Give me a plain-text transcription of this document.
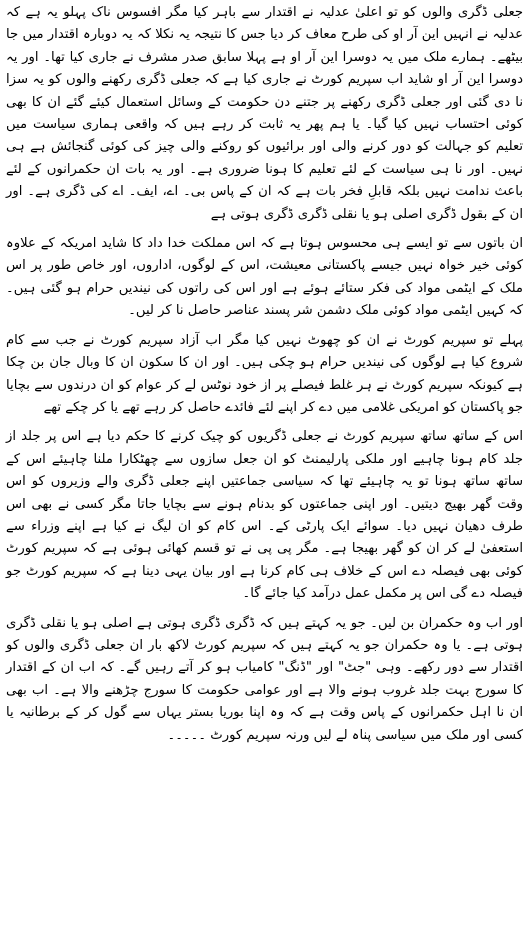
جعلی ڈگری والوں کو تو اعلیٰ عدلیہ نے اقتدار سے باہر کیا مگر افسوس ناک پہلو یہ ہے کہ عدلیہ نے انہیں این آر او کی طرح معاف کر دیا جس کا نتیجہ یہ نکلا کہ یہ دوبارہ اقتدار میں جا بیٹھے۔ ہمارے ملک میں یہ دوسرا این آر او ہے پہلا سابق صدر مشرف نے جاری کیا تھا۔ اور یہ دوسرا این آر او شاید اب سپریم کورٹ نے جاری کیا ہے کہ جعلی ڈگری رکھنے والوں کو یہ سزا نا دی گئی اور جعلی ڈگری رکھنے پر جتنے دن حکومت کے وسائل استعمال کیئے گئے ان کا بھی کوئی احتساب نہیں کیا گیا۔ یا ہم پھر یہ ثابت کر رہے ہیں کہ واقعی ہماری سیاست میں تعلیم کو جہالت کو دور کرنے والی اور برائیوں کو روکنے والی چیز کی کوئی گنجائش ہے ہی نہیں۔ اور نا ہی سیاست کے لئے تعلیم کا ہونا ضروری ہے۔ اور یہ بات ان حکمرانوں کے لئے باعث ندامت نہیں بلکہ قابلِ فخر بات ہے کہ ان کے پاس بی۔ اے، ایف۔ اے کی ڈگری ہے۔ اور ان کے بقول ڈگری اصلی ہو یا نقلی ڈگری ڈگری ہوتی ہے

ان باتوں سے تو ایسے ہی محسوس ہوتا ہے کہ اس مملکت خدا داد کا شاید امریکہ کے علاوہ کوئی خیر خواہ نہیں جیسے پاکستانی معیشت، اس کے لوگوں، اداروں، اور خاص طور پر اس ملک کے ایٹمی مواد کی فکر ستائے ہوئے ہے اور اس کی راتوں کی نیندیں حرام ہو گئی ہیں۔ کہ کہیں ایٹمی مواد کوئی ملک دشمن شر پسند عناصر حاصل نا کر لیں۔

پہلے تو سپریم کورٹ نے ان کو چھوٹ نہیں کیا مگر اب آزاد سپریم کورٹ نے جب سے کام شروع کیا ہے لوگوں کی نیندیں حرام ہو چکی ہیں۔ اور ان کا سکون ان کا وبال جان بن چکا ہے کیونکہ سپریم کورٹ نے ہر غلط فیصلے پر از خود نوٹس لے کر عوام کو ان درندوں سے بچایا جو پاکستان کو امریکی غلامی میں دے کر اپنے لئے فائدے حاصل کر رہے تھے یا کر چکے تھے

اس کے ساتھ ساتھ سپریم کورٹ نے جعلی ڈگریوں کو چیک کرنے کا حکم دیا ہے اس پر جلد از جلد کام ہونا چاہیے اور ملکی پارلیمنٹ کو ان جعل سازوں سے چھٹکارا ملنا چاہیئے اس کے ساتھ ساتھ ہونا تو یہ چاہیئے تھا کہ سیاسی جماعتیں اپنے جعلی ڈگری والے وزیروں کو اس وقت گھر بھیج دیتیں۔ اور اپنی جماعتوں کو بدنام ہونے سے بچایا جاتا مگر کسی نے بھی اس طرف دھیان نہیں دیا۔ سوائے ایک پارٹی کے۔ اس کام کو ان لیگ نے کیا ہے اپنے وزراء سے استعفیٰ لے کر ان کو گھر بھیجا ہے۔ مگر پی پی نے تو قسم کھائی ہوئی ہے کہ سپریم کورٹ کوئی بھی فیصلہ دے اس کے خلاف ہی کام کرنا ہے اور بیان یہی دینا ہے کہ سپریم کورٹ جو فیصلہ دے گی اس پر مکمل عمل درآمد کیا جائے گا۔

اور اب وہ حکمران بن لیں۔ جو یہ کہتے ہیں کہ ڈگری ڈگری ہوتی ہے اصلی ہو یا نقلی ڈگری ہوتی ہے۔ یا وہ حکمران جو یہ کہتے ہیں کہ سپریم کورٹ لاکھ بار ان جعلی ڈگری والوں کو اقتدار سے دور رکھے۔ وہی "جٹ" اور "ڈنگ" کامیاب ہو کر آتے رہیں گے۔ کہ اب ان کے اقتدار کا سورج بہت جلد غروب ہونے والا ہے اور عوامی حکومت کا سورج چڑھنے والا ہے۔ اب بھی ان نا اہل حکمرانوں کے پاس وقت ہے کہ وہ اپنا بوریا بستر یہاں سے گول کر کے برطانیہ یا کسی اور ملک میں سیاسی پناہ لے لیں ورنہ سپریم کورٹ ۔۔۔۔۔
